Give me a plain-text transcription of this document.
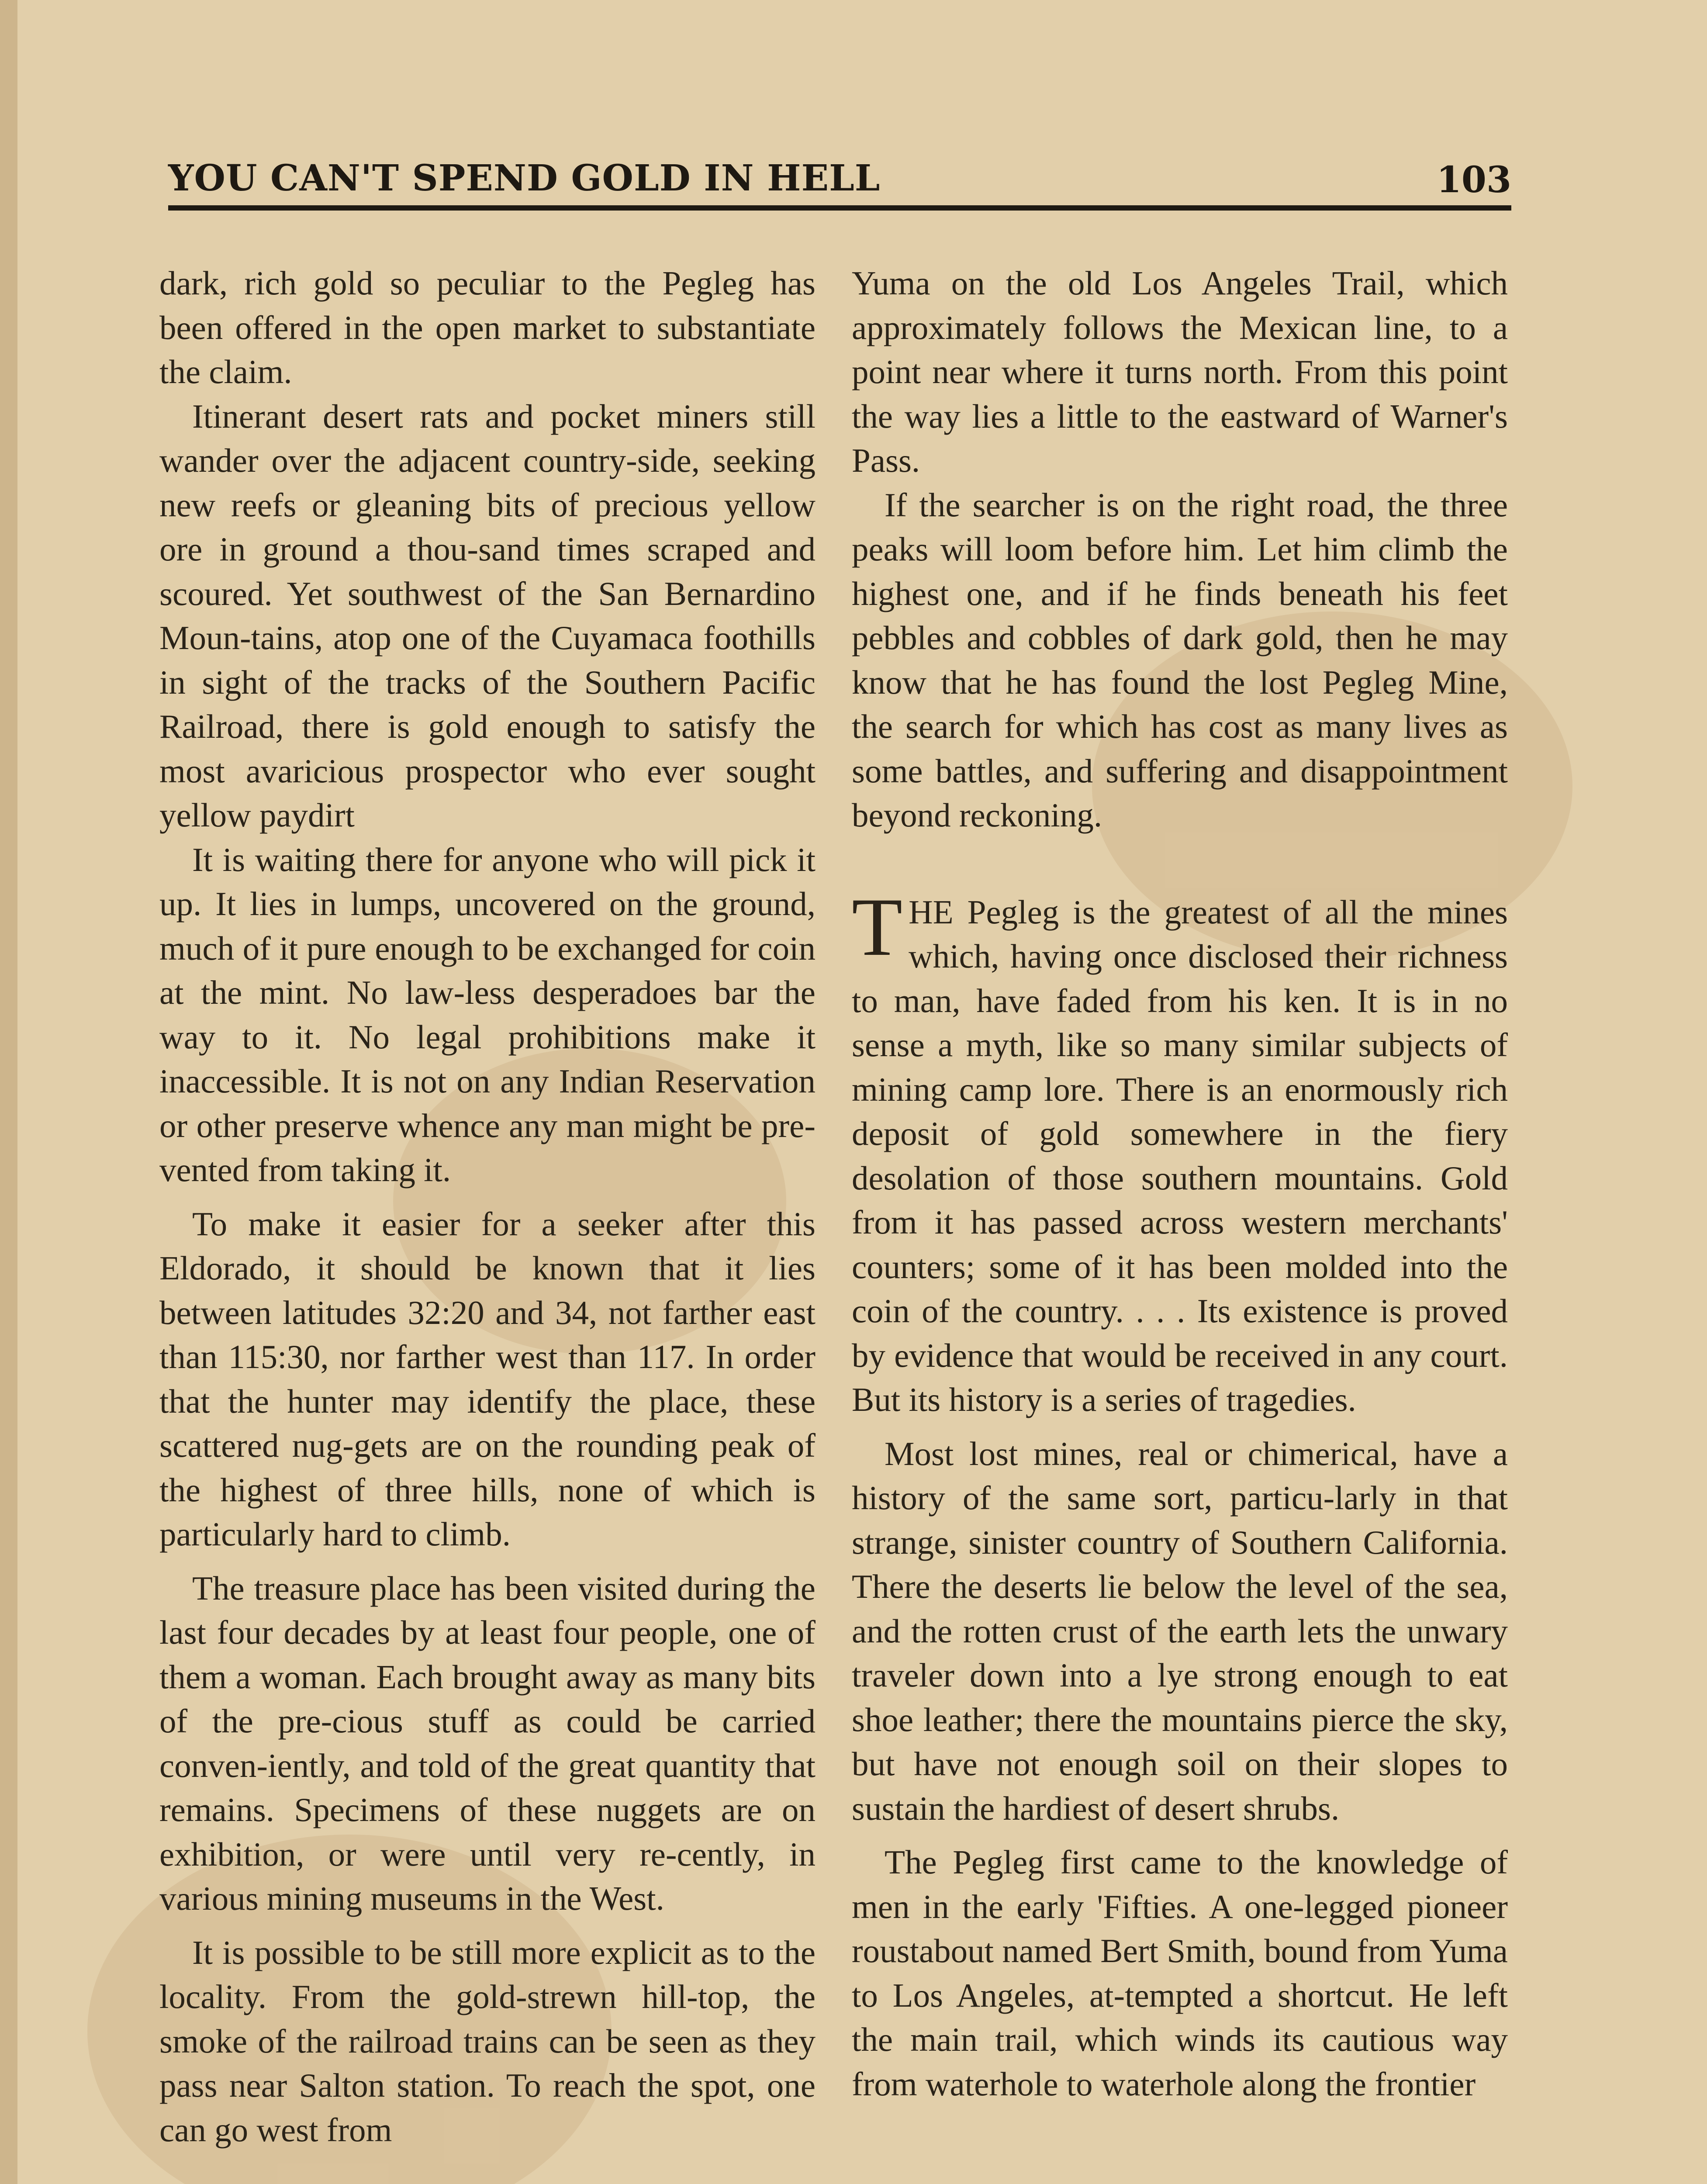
YOU CAN'T SPEND GOLD IN HELL	103

dark, rich gold so peculiar to the Pegleg has been offered in the open market to substantiate the claim.

Itinerant desert rats and pocket miners still wander over the adjacent country-side, seeking new reefs or gleaning bits of precious yellow ore in ground a thou-sand times scraped and scoured. Yet southwest of the San Bernardino Moun-tains, atop one of the Cuyamaca foothills in sight of the tracks of the Southern Pacific Railroad, there is gold enough to satisfy the most avaricious prospector who ever sought yellow paydirt

It is waiting there for anyone who will pick it up. It lies in lumps, uncovered on the ground, much of it pure enough to be exchanged for coin at the mint. No law-less desperadoes bar the way to it. No legal prohibitions make it inaccessible. It is not on any Indian Reservation or other preserve whence any man might be pre-vented from taking it.

To make it easier for a seeker after this Eldorado, it should be known that it lies between latitudes 32:20 and 34, not farther east than 115:30, nor farther west than 117. In order that the hunter may identify the place, these scattered nug-gets are on the rounding peak of the highest of three hills, none of which is particularly hard to climb.

The treasure place has been visited during the last four decades by at least four people, one of them a woman. Each brought away as many bits of the pre-cious stuff as could be carried conven-iently, and told of the great quantity that remains. Specimens of these nuggets are on exhibition, or were until very re-cently, in various mining museums in the West.

It is possible to be still more explicit as to the locality. From the gold-strewn hill-top, the smoke of the railroad trains can be seen as they pass near Salton station. To reach the spot, one can go west from

Yuma on the old Los Angeles Trail, which approximately follows the Mexican line, to a point near where it turns north. From this point the way lies a little to the eastward of Warner's Pass.

If the searcher is on the right road, the three peaks will loom before him. Let him climb the highest one, and if he finds beneath his feet pebbles and cobbles of dark gold, then he may know that he has found the lost Pegleg Mine, the search for which has cost as many lives as some battles, and suffering and disappointment beyond reckoning.

THE Pegleg is the greatest of all the mines which, having once disclosed their richness to man, have faded from his ken. It is in no sense a myth, like so many similar subjects of mining camp lore. There is an enormously rich deposit of gold somewhere in the fiery desolation of those southern mountains. Gold from it has passed across western merchants' counters; some of it has been molded into the coin of the country. . . . Its existence is proved by evidence that would be received in any court. But its history is a series of tragedies.

Most lost mines, real or chimerical, have a history of the same sort, particu-larly in that strange, sinister country of Southern California. There the deserts lie below the level of the sea, and the rotten crust of the earth lets the unwary traveler down into a lye strong enough to eat shoe leather; there the mountains pierce the sky, but have not enough soil on their slopes to sustain the hardiest of desert shrubs.

The Pegleg first came to the knowledge of men in the early 'Fifties. A one-legged pioneer roustabout named Bert Smith, bound from Yuma to Los Angeles, at-tempted a shortcut. He left the main trail, which winds its cautious way from waterhole to waterhole along the frontier
